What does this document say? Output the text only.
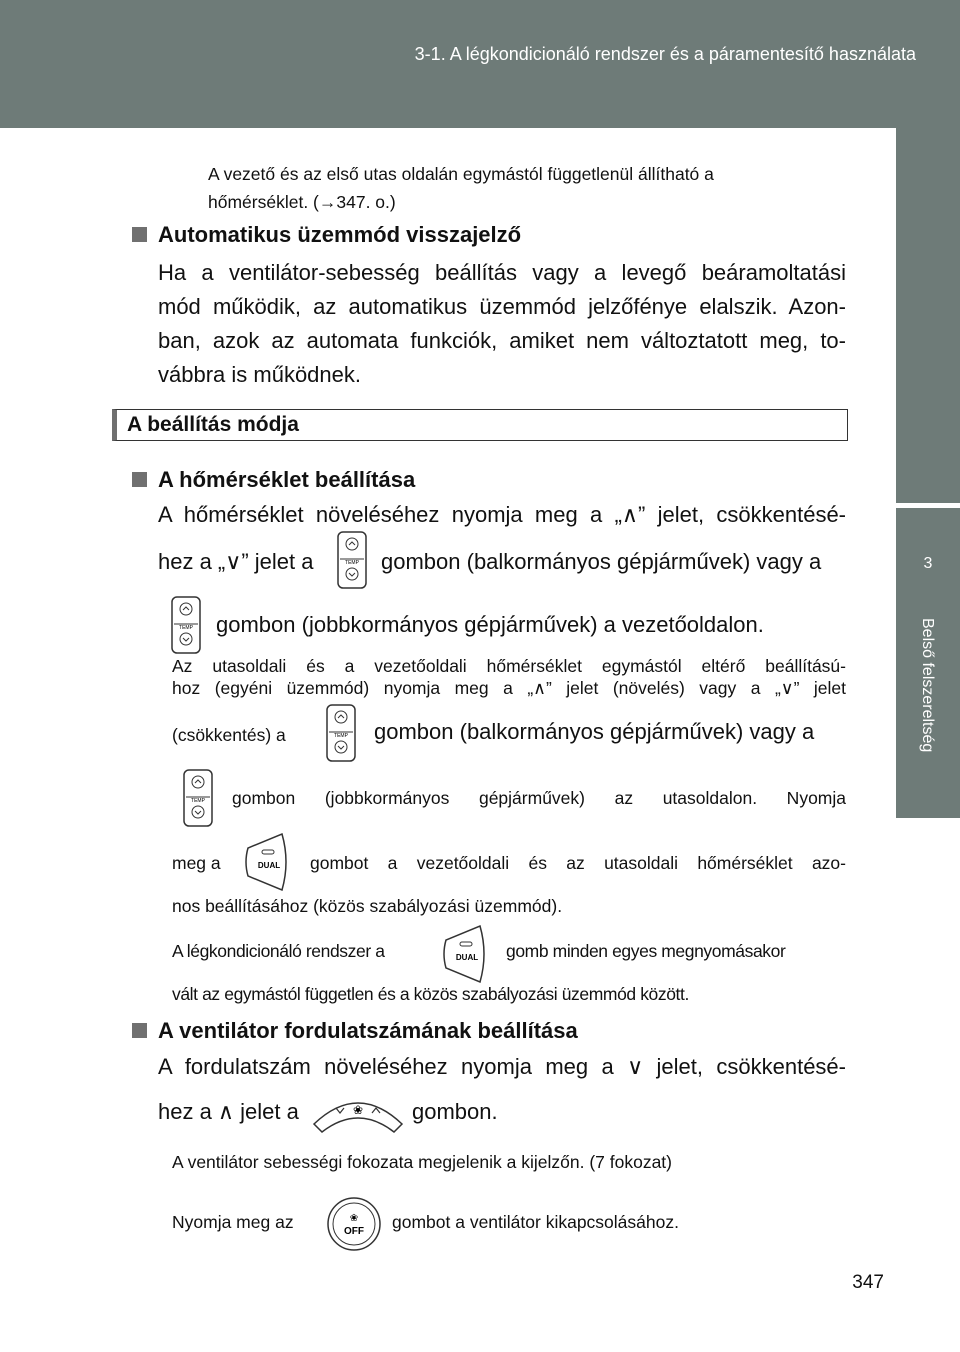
3-1. A légkondicionáló rendszer és a páramentesítő használata
3
Belső felszereltség

A vezető és az első utas oldalán egymástól függetlenül állítható a

hőmérséklet. (→347. o.)

Automatikus üzemmód visszajelző

Ha a ventilátor-sebesség beállítás vagy a levegő beáramoltatási

mód működik, az automatikus üzemmód jelzőfénye elalszik. Azon-

ban, azok az automata funkciók, amiket nem változtatott meg, to-

vábbra is működnek.

A beállítás módja

A hőmérséklet beállítása

A hőmérséklet növeléséhez nyomja meg a „∧” jelet, csökkentésé-

hez a „∨” jelet a	TEMP gombon (balkormányos gépjárművek) vagy a
TEMP gombon (jobbkormányos gépjárművek) a vezetőoldalon.

Az utasoldali és a vezetőoldali hőmérséklet egymástól eltérő beállítású-

hoz (egyéni üzemmód) nyomja meg a „∧” jelet (növelés) vagy a „∨” jelet

(csökkentés) a	TEMP gombon (balkormányos gépjárművek) vagy a
TEMP gombon (jobbkormányos gépjárművek) az utasoldalon. Nyomja

meg a	DUAL gombot a vezetőoldali és az utasoldali hőmérséklet azo-

nos beállításához (közös szabályozási üzemmód).

A légkondicionáló rendszer a	DUAL gomb minden egyes megnyomásakor

vált az egymástól független és a közös szabályozási üzemmód között.

A ventilátor fordulatszámának beállítása

A fordulatszám növeléséhez nyomja meg a ∨ jelet, csökkentésé-

hez a ∧ jelet a	❀ gombon.

A ventilátor sebességi fokozata megjelenik a kijelzőn. (7 fokozat)

Nyomja meg az	❀
OFF gombot a ventilátor kikapcsolásához.
347
